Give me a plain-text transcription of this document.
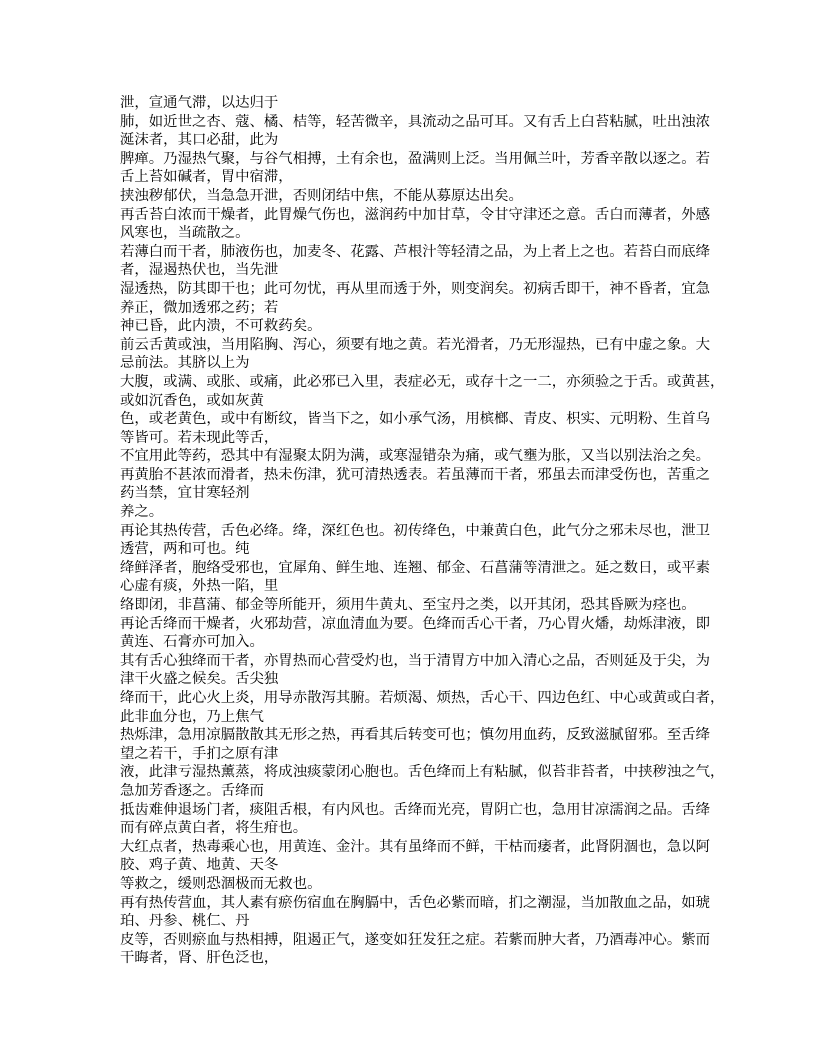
泄，宣通气滞，以达归于
肺，如近世之杏、蔻、橘、桔等，轻苦微辛，具流动之品可耳。又有舌上白苔粘腻，吐出浊浓
涎沫者，其口必甜，此为
脾瘅。乃湿热气聚，与谷气相搏，土有余也，盈满则上泛。当用佩兰叶，芳香辛散以逐之。若
舌上苔如碱者，胃中宿滞，
挟浊秽郁伏，当急急开泄，否则闭结中焦，不能从募原达出矣。
再舌苔白浓而干燥者，此胃燥气伤也，滋润药中加甘草，令甘守津还之意。舌白而薄者，外感
风寒也，当疏散之。
若薄白而干者，肺液伤也，加麦冬、花露、芦根汁等轻清之品，为上者上之也。若苔白而底绛
者，湿遏热伏也，当先泄
湿透热，防其即干也；此可勿忧，再从里而透于外，则变润矣。初病舌即干，神不昏者，宜急
养正，微加透邪之药；若
神已昏，此内溃，不可救药矣。
前云舌黄或浊，当用陷胸、泻心，须要有地之黄。若光滑者，乃无形湿热，已有中虚之象。大
忌前法。其脐以上为
大腹，或满、或胀、或痛，此必邪已入里，表症必无，或存十之一二，亦须验之于舌。或黄甚，
或如沉香色，或如灰黄
色，或老黄色，或中有断纹，皆当下之，如小承气汤，用槟榔、青皮、枳实、元明粉、生首乌
等皆可。若未现此等舌，
不宜用此等药，恐其中有湿聚太阴为满，或寒湿错杂为痛，或气壅为胀，又当以别法治之矣。
再黄胎不甚浓而滑者，热未伤津，犹可清热透表。若虽薄而干者，邪虽去而津受伤也，苦重之
药当禁，宜甘寒轻剂
养之。
再论其热传营，舌色必绛。绛，深红色也。初传绛色，中兼黄白色，此气分之邪未尽也，泄卫
透营，两和可也。纯
绛鲜泽者，胞络受邪也，宜犀角、鲜生地、连翘、郁金、石菖蒲等清泄之。延之数日，或平素
心虚有痰，外热一陷，里
络即闭，非菖蒲、郁金等所能开，须用牛黄丸、至宝丹之类，以开其闭，恐其昏厥为痉也。
再论舌绛而干燥者，火邪劫营，凉血清血为要。色绛而舌心干者，乃心胃火燔，劫烁津液，即
黄连、石膏亦可加入。
其有舌心独绛而干者，亦胃热而心营受灼也，当于清胃方中加入清心之品，否则延及于尖，为
津干火盛之候矣。舌尖独
绛而干，此心火上炎，用导赤散泻其腑。若烦渴、烦热，舌心干、四边色红、中心或黄或白者，
此非血分也，乃上焦气
热烁津，急用凉膈散散其无形之热，再看其后转变可也；慎勿用血药，反致滋腻留邪。至舌绛
望之若干，手扪之原有津
液，此津亏湿热薰蒸，将成浊痰蒙闭心胞也。舌色绛而上有粘腻，似苔非苔者，中挟秽浊之气，
急加芳香逐之。舌绛而
抵齿难伸退场门者，痰阻舌根，有内风也。舌绛而光亮，胃阴亡也，急用甘凉濡润之品。舌绛
而有碎点黄白者，将生疳也。
大红点者，热毒乘心也，用黄连、金汁。其有虽绛而不鲜，干枯而痿者，此肾阴涸也，急以阿
胶、鸡子黄、地黄、天冬
等救之，缓则恐涸极而无救也。
再有热传营血，其人素有瘀伤宿血在胸膈中，舌色必紫而暗，扪之潮湿，当加散血之品，如琥
珀、丹参、桃仁、丹
皮等，否则瘀血与热相搏，阻遏正气，遂变如狂发狂之症。若紫而肿大者，乃酒毒冲心。紫而
干晦者，肾、肝色泛也，
